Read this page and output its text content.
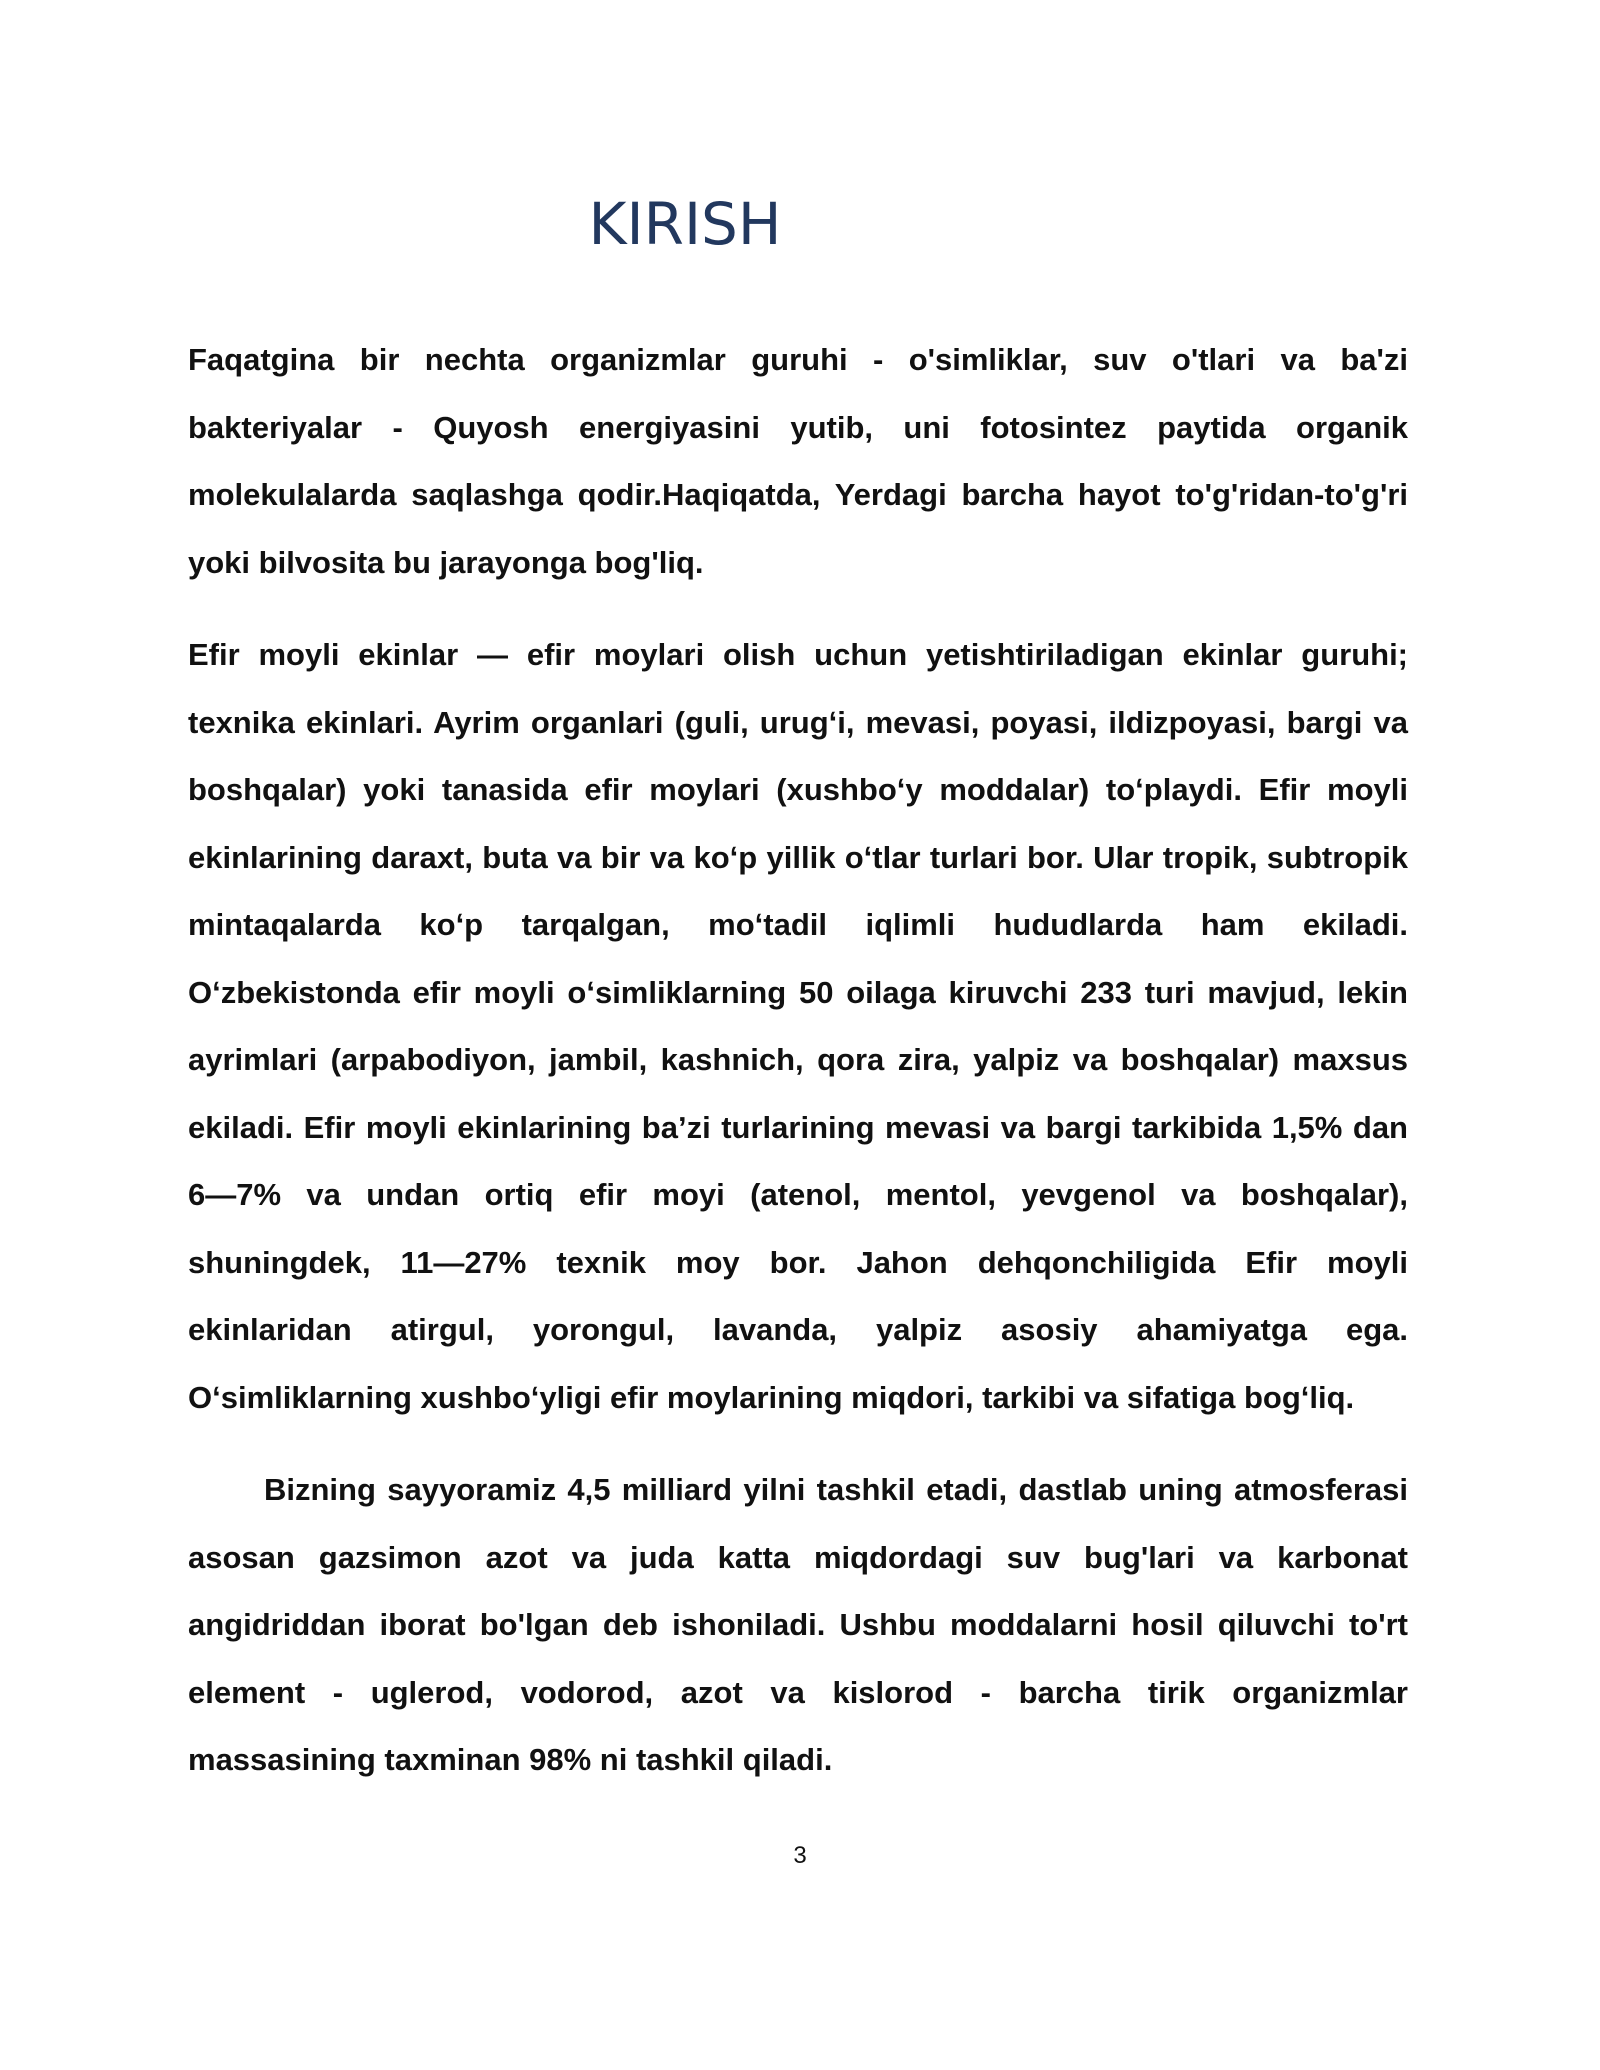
KIRISH

Faqatgina bir nechta organizmlar guruhi - o'simliklar, suv o'tlari va ba'zi bakteriyalar - Quyosh energiyasini yutib, uni fotosintez paytida organik molekulalarda saqlashga qodir.Haqiqatda, Yerdagi barcha hayot to'g'ridan-to'g'ri yoki bilvosita bu jarayonga bog'liq.

Efir moyli ekinlar — efir moylari olish uchun yetishtiriladigan ekinlar guruhi; texnika ekinlari. Ayrim organlari (guli, urugʻi, mevasi, poyasi, ildizpoyasi, bargi va boshqalar) yoki tanasida efir moylari (xushboʻy moddalar) toʻplaydi. Efir moyli ekinlarining daraxt, buta va bir va koʻp yillik oʻtlar turlari bor. Ular tropik, subtropik mintaqalarda koʻp tarqalgan, moʻtadil iqlimli hududlarda ham ekiladi. Oʻzbekistonda efir moyli oʻsimliklarning 50 oilaga kiruvchi 233 turi mavjud, lekin ayrimlari (arpabodiyon, jambil, kashnich, qora zira, yalpiz va boshqalar) maxsus ekiladi. Efir moyli ekinlarining baʼzi turlarining mevasi va bargi tarkibida 1,5% dan 6—7% va undan ortiq efir moyi (atenol, mentol, yevgenol va boshqalar), shuningdek, 11—27% texnik moy bor. Jahon dehqonchiligida Efir moyli ekinlaridan atirgul, yorongul, lavanda, yalpiz asosiy ahamiyatga ega. Oʻsimliklarning xushboʻyligi efir moylarining miqdori, tarkibi va sifatiga bogʻliq.

Bizning sayyoramiz 4,5 milliard yilni tashkil etadi, dastlab uning atmosferasi asosan gazsimon azot va juda katta miqdordagi suv bug'lari va karbonat angidriddan iborat bo'lgan deb ishoniladi. Ushbu moddalarni hosil qiluvchi to'rt element - uglerod, vodorod, azot va kislorod - barcha tirik organizmlar massasining taxminan 98% ni tashkil qiladi.

3
